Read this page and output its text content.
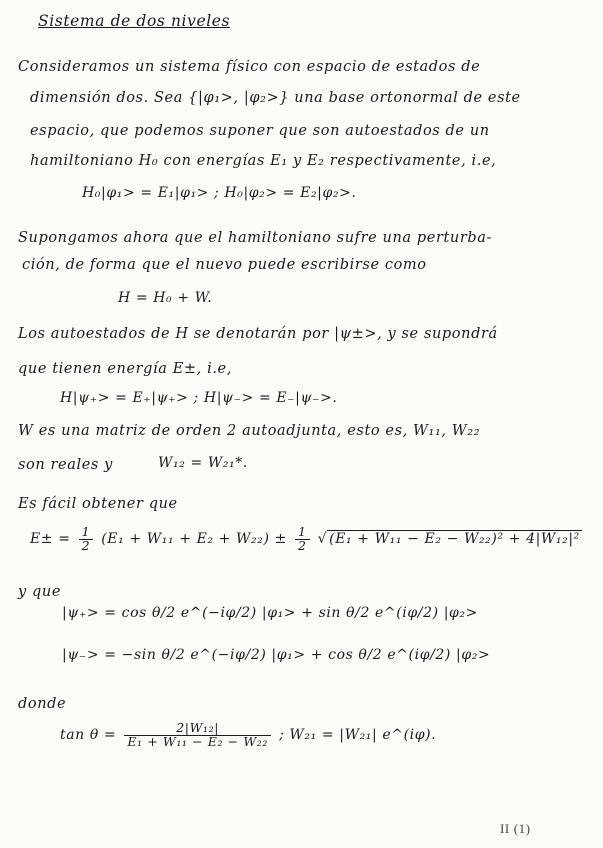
Sistema de dos niveles
Consideramos un sistema físico con espacio de estados de
dimensión dos. Sea {|φ₁>, |φ₂>} una base ortonormal de este
espacio, que podemos suponer que son autoestados de un
hamiltoniano H₀ con energías E₁ y E₂ respectivamente, i.e,
H₀|φ₁> = E₁|φ₁> ; H₀|φ₂> = E₂|φ₂>.
Supongamos ahora que el hamiltoniano sufre una perturba-
ción, de forma que el nuevo puede escribirse como
H = H₀ + W.
Los autoestados de H se denotarán por |ψ±>, y se supondrá
que tienen energía E±, i.e,
H|ψ₊> = E₊|ψ₊> ; H|ψ₋> = E₋|ψ₋>.
W es una matriz de orden 2 autoadjunta, esto es, W₁₁, W₂₂
son reales y	W₁₂ = W₂₁*.
Es fácil obtener que
$E\pm = \frac{1}{2} (E_1 + W_{11} + E_2 + W_{22}) \pm \frac{1}{2}$ √ (E₁ + W₁₁ − E₂ − W₂₂)² + 4|W₁₂|²
y que
|ψ₊> = cos θ/2 e^(−iφ/2) |φ₁> + sin θ/2 e^(iφ/2) |φ₂>
|ψ₋> = −sin θ/2 e^(−iφ/2) |φ₁> + cos θ/2 e^(iφ/2) |φ₂>
donde
$\tan \theta = \frac{\text{2|W₁₂|}}{\text{E₁ + W₁₁ − E₂ − W₂₂}}$ ; W₂₁ = |W₂₁| e^(iφ).
II (1)
